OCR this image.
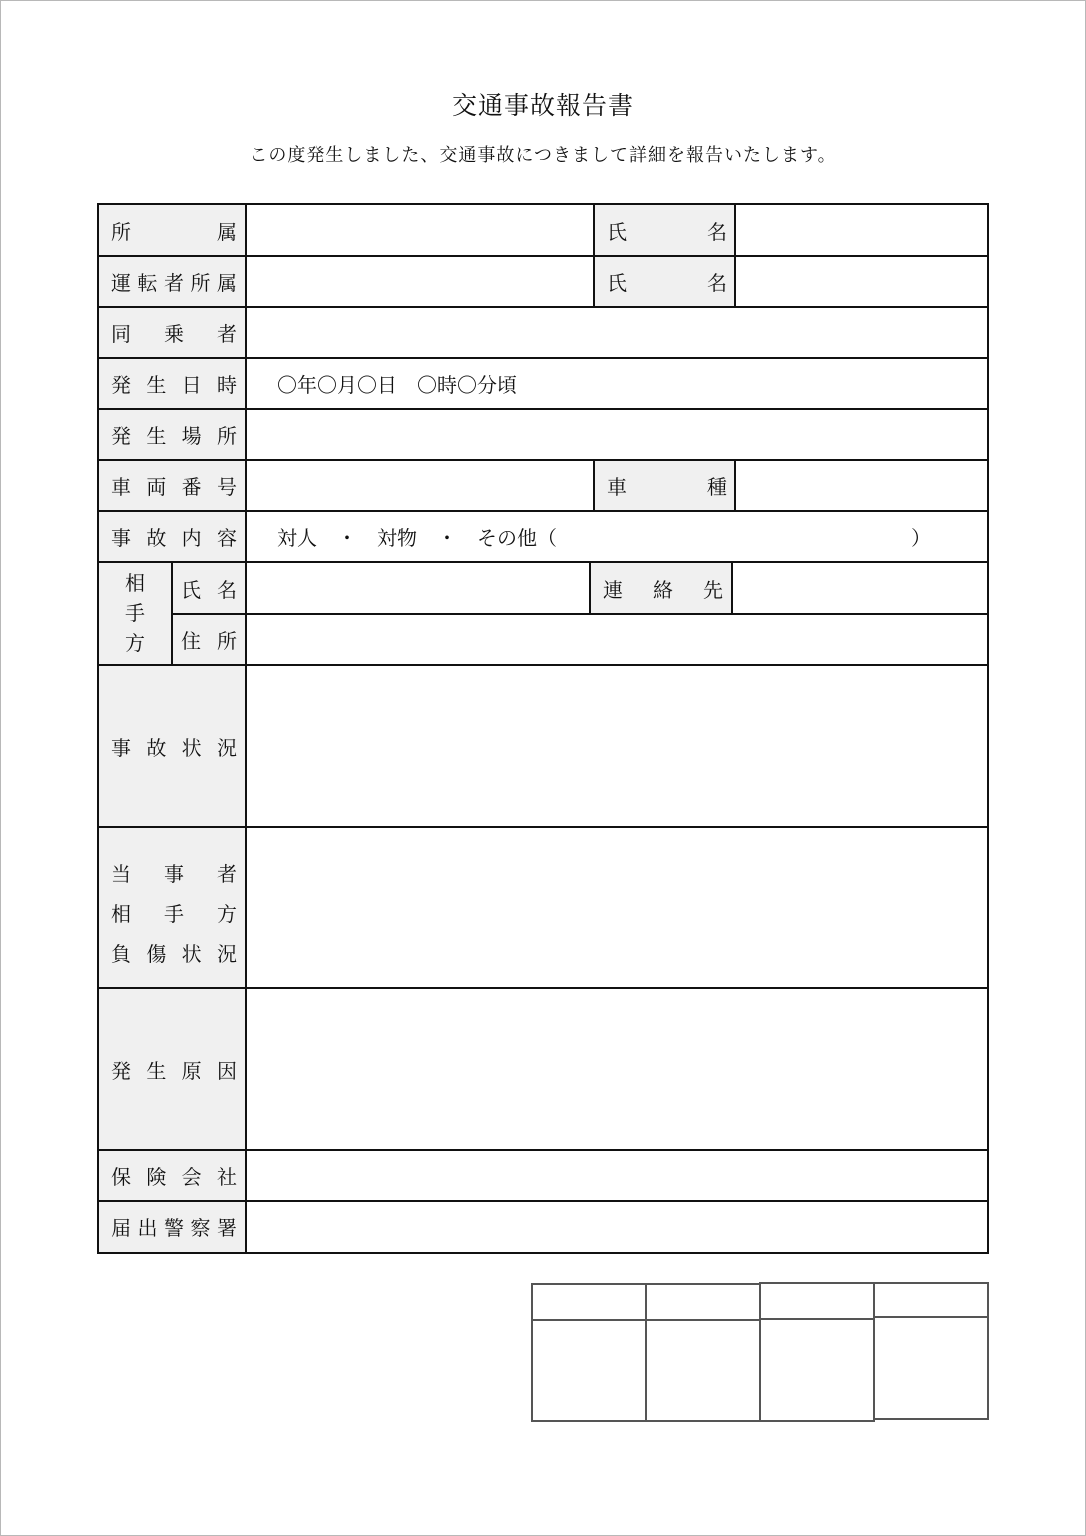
交通事故報告書
この度発生しました、交通事故につきまして詳細を報告いたします。
所	属	氏	名
運 転 者 所 属	氏	名
同 乗 者
発 生 日 時 〇年〇月〇日　〇時〇分頃
発 生 場 所
車 両 番 号	車	種
事 故 内 容 対人　・　対物　・　その他（	）
相
手
方
氏 名	連 絡 先
住 所
事 故 状 況
当 事 者
相 手 方
負 傷 状 況
発 生 原 因
保 険 会 社
届 出 警 察 署
